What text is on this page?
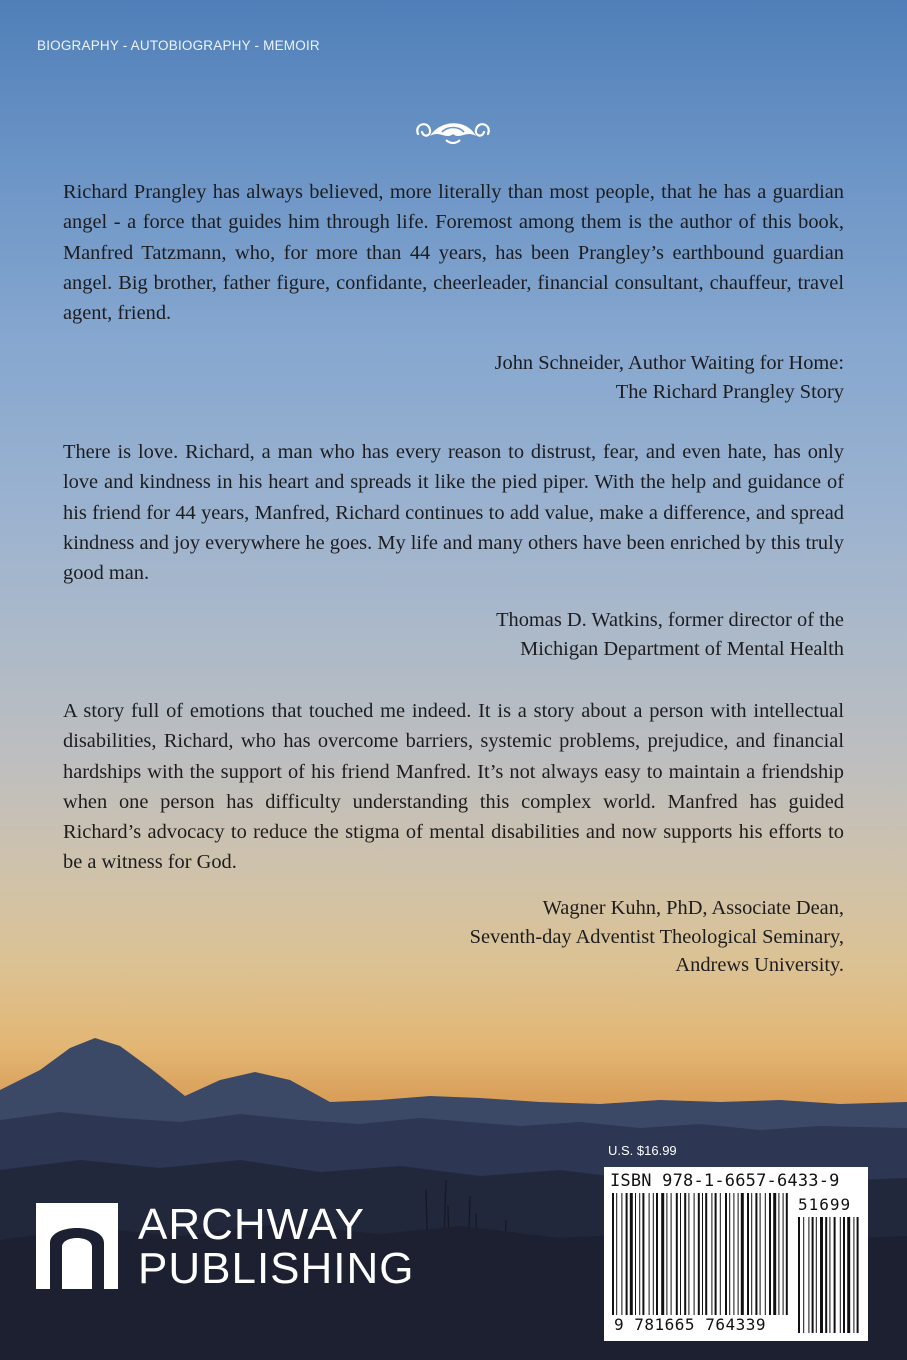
BIOGRAPHY - AUTOBIOGRAPHY - MEMOIR

Richard Prangley has always believed, more literally than most people, that he has a guardian angel - a force that guides him through life. Foremost among them is the author of this book, Manfred Tatzmann, who, for more than 44 years, has been Prangley’s earthbound guardian angel. Big brother, father figure, confidante, cheerleader, financial consultant, chauffeur, travel agent, friend.

John Schneider, Author Waiting for Home:

The Richard Prangley Story

There is love. Richard, a man who has every reason to distrust, fear, and even hate, has only love and kindness in his heart and spreads it like the pied piper. With the help and guidance of his friend for 44 years, Manfred, Richard continues to add value, make a difference, and spread kindness and joy everywhere he goes. My life and many others have been enriched by this truly good man.

Thomas D. Watkins, former director of the

Michigan Department of Mental Health

A story full of emotions that touched me indeed. It is a story about a person with intellectual disabilities, Richard, who has overcome barriers, systemic problems, prejudice, and financial hardships with the support of his friend Manfred. It’s not always easy to maintain a friendship when one person has difficulty understanding this complex world. Manfred has guided Richard’s advocacy to reduce the stigma of mental disabilities and now supports his efforts to be a witness for God.

Wagner Kuhn, PhD, Associate Dean,

Seventh-day Adventist Theological Seminary,

Andrews University.

ARCHWAY
PUBLISHING
U.S. $16.99
ISBN 978-1-6657-6433-9
51699
9 781665 764339
